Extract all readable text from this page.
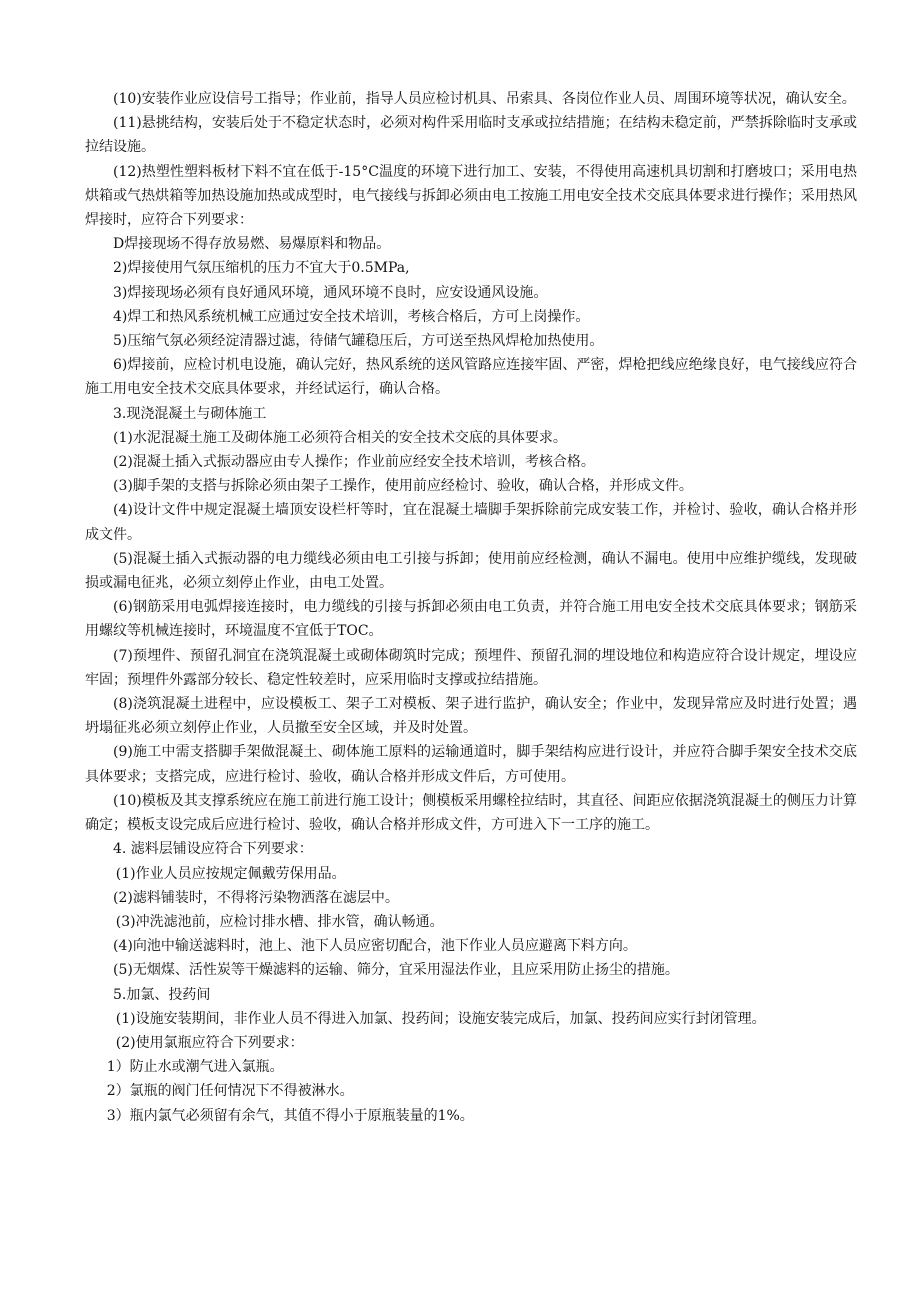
(10)安装作业应设信号工指导；作业前，指导人员应检讨机具、吊索具、各岗位作业人员、周围环境等状况，确认安全。

(11)悬挑结构，安装后处于不稳定状态时，必须对构件采用临时支承或拉结措施；在结构未稳定前，严禁拆除临时支承或拉结设施。

(12)热塑性塑料板材下料不宜在低于-15°C温度的环境下进行加工、安装，不得使用高速机具切割和打磨坡口；采用电热烘箱或气热烘箱等加热设施加热或成型时，电气接线与拆卸必须由电工按施工用电安全技术交底具体要求进行操作；采用热风焊接时，应符合下列要求：

D焊接现场不得存放易燃、易爆原料和物品。

2)焊接使用气氛压缩机的压力不宜大于0.5MPa,

3)焊接现场必须有良好通风环境，通风环境不良时，应安设通风设施。

4)焊工和热风系统机械工应通过安全技术培训，考核合格后，方可上岗操作。

5)压缩气氛必须经淀清器过滤，待储气罐稳压后，方可送至热风焊枪加热使用。

6)焊接前，应检讨机电设施，确认完好，热风系统的送风管路应连接牢固、严密，焊枪把线应绝缘良好，电气接线应符合施工用电安全技术交底具体要求，并经试运行，确认合格。

3.现浇混凝土与砌体施工

(1)水泥混凝土施工及砌体施工必须符合相关的安全技术交底的具体要求。

(2)混凝土插入式振动器应由专人操作；作业前应经安全技术培训，考核合格。

(3)脚手架的支搭与拆除必须由架子工操作，使用前应经检讨、验收，确认合格，并形成文件。

(4)设计文件中规定混凝土墙顶安设栏杆等时，宜在混凝土墙脚手架拆除前完成安装工作，并检讨、验收，确认合格并形成文件。

(5)混凝土插入式振动器的电力缆线必须由电工引接与拆卸；使用前应经检测，确认不漏电。使用中应维护缆线，发现破损或漏电征兆，必须立刻停止作业，由电工处置。

(6)钢筋采用电弧焊接连接时，电力缆线的引接与拆卸必须由电工负责，并符合施工用电安全技术交底具体要求；钢筋采用螺纹等机械连接时，环境温度不宜低于TOC。

(7)预埋件、预留孔洞宜在浇筑混凝土或砌体砌筑时完成；预埋件、预留孔洞的埋设地位和构造应符合设计规定，埋设应牢固；预埋件外露部分较长、稳定性较差时，应采用临时支撑或拉结措施。

(8)浇筑混凝土进程中，应设模板工、架子工对模板、架子进行监护，确认安全；作业中，发现异常应及时进行处置；遇坍塌征兆必须立刻停止作业，人员撤至安全区域，并及时处置。

(9)施工中需支搭脚手架做混凝土、砌体施工原料的运输通道时，脚手架结构应进行设计，并应符合脚手架安全技术交底具体要求；支搭完成，应进行检讨、验收，确认合格并形成文件后，方可使用。

(10)模板及其支撑系统应在施工前进行施工设计；侧模板采用螺栓拉结时，其直径、间距应依据浇筑混凝土的侧压力计算确定；模板支设完成后应进行检讨、验收，确认合格并形成文件，方可进入下一工序的施工。

4. 滤料层铺设应符合下列要求：

(1)作业人员应按规定佩戴劳保用品。

(2)滤料铺装时，不得将污染物洒落在滤层中。

(3)冲洗滤池前，应检讨排水槽、排水管，确认畅通。

(4)向池中输送滤料时，池上、池下人员应密切配合，池下作业人员应避离下料方向。

(5)无烟煤、活性炭等干燥滤料的运输、筛分，宜采用湿法作业，且应采用防止扬尘的措施。

5.加氯、投药间

(1)设施安装期间，非作业人员不得进入加氯、投药间；设施安装完成后，加氯、投药间应实行封闭管理。

(2)使用氯瓶应符合下列要求：

1）防止水或潮气进入氯瓶。

2）氯瓶的阀门任何情况下不得被淋水。

3）瓶内氯气必须留有余气，其值不得小于原瓶装量的1%。
